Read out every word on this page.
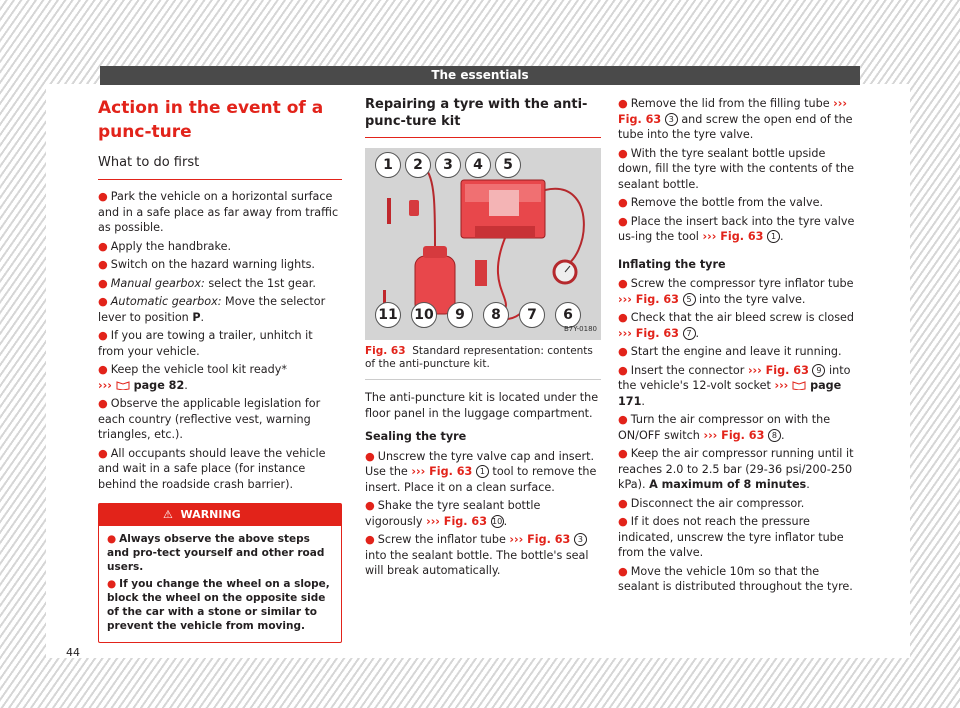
The essentials
Action in the event of a punc-ture
What to do first
● Park the vehicle on a horizontal surface and in a safe place as far away from traffic as possible.
● Apply the handbrake.
● Switch on the hazard warning lights.
● Manual gearbox: select the 1st gear.
● Automatic gearbox: Move the selector lever to position P.
● If you are towing a trailer, unhitch it from your vehicle.
● Keep the vehicle tool kit ready*
›››  page 82.
● Observe the applicable legislation for each country (reflective vest, warning triangles, etc.).
● All occupants should leave the vehicle and wait in a safe place (for instance behind the roadside crash barrier).
⚠ WARNING
● Always observe the above steps and pro-tect yourself and other road users.
● If you change the wheel on a slope, block the wheel on the opposite side of the car with a stone or similar to prevent the vehicle from moving.
Repairing a tyre with the anti-punc-ture kit
1 2 3 4 5
11 10 9 8 7 6
B7Y-0180
Fig. 63 Standard representation: contents of the anti-puncture kit.
The anti-puncture kit is located under the floor panel in the luggage compartment.
Sealing the tyre
● Unscrew the tyre valve cap and insert. Use the ››› Fig. 63 1 tool to remove the insert. Place it on a clean surface.
● Shake the tyre sealant bottle vigorously ››› Fig. 63 10.
● Screw the inflator tube ››› Fig. 63 3 into the sealant bottle. The bottle's seal will break automatically.
● Remove the lid from the filling tube ››› Fig. 63 3 and screw the open end of the tube into the tyre valve.
● With the tyre sealant bottle upside down, fill the tyre with the contents of the sealant bottle.
● Remove the bottle from the valve.
● Place the insert back into the tyre valve us-ing the tool ››› Fig. 63 1 .
Inflating the tyre
● Screw the compressor tyre inflator tube ››› Fig. 63 5 into the tyre valve.
● Check that the air bleed screw is closed ››› Fig. 63 7 .
● Start the engine and leave it running.
● Insert the connector ››› Fig. 63 9 into the vehicle's 12-volt socket ›››  page 171.
● Turn the air compressor on with the ON/OFF switch ››› Fig. 63 8 .
● Keep the air compressor running until it reaches 2.0 to 2.5 bar (29-36 psi/200-250 kPa). A maximum of 8 minutes.
● Disconnect the air compressor.
● If it does not reach the pressure indicated, unscrew the tyre inflator tube from the valve.
● Move the vehicle 10m so that the sealant is distributed throughout the tyre.
44
